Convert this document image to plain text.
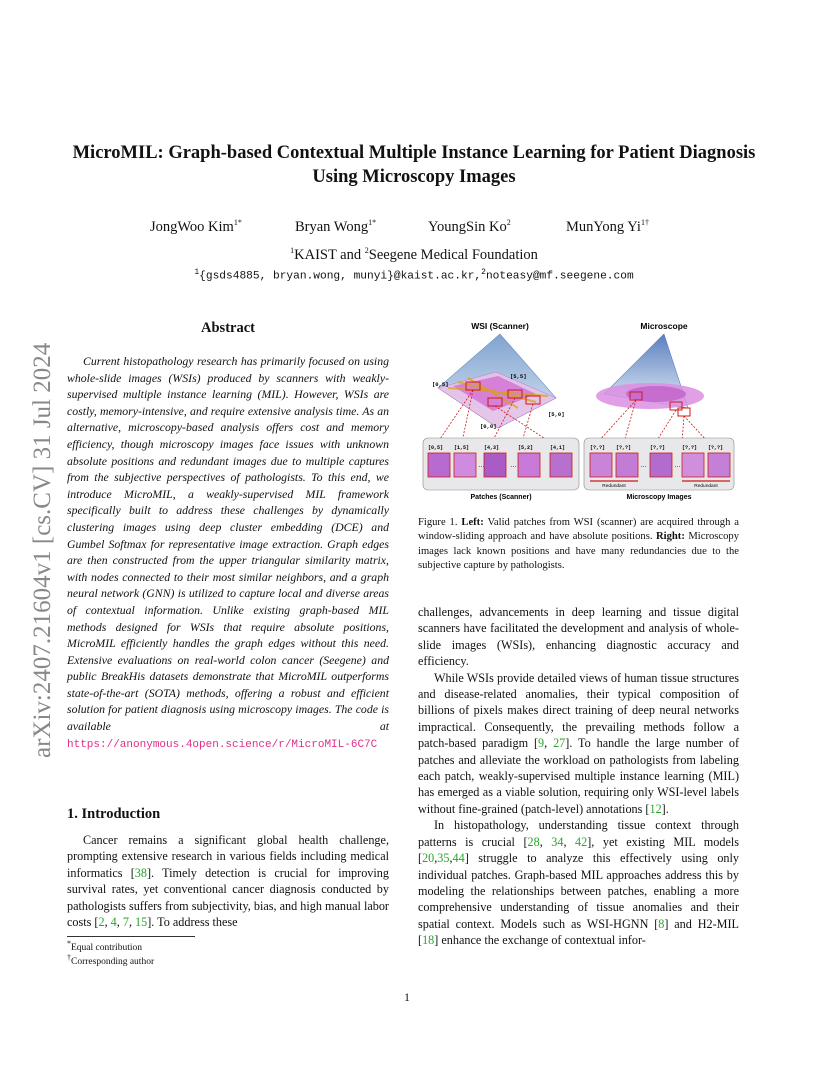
arXiv:2407.21604v1 [cs.CV] 31 Jul 2024
MicroMIL: Graph-based Contextual Multiple Instance Learning for Patient Diagnosis Using Microscopy Images
JongWoo Kim$^{1*}$	Bryan Wong$^{1*}$	YoungSin Ko$^2$	MunYong $Yi^{1\dagger}$
$^1$KAIST and $^2$Seegene Medical Foundation
$^1${gsds4885, bryan.wong, munyi}@kaist.ac.kr,$^2$noteasy@mf.seegene.com
Abstract

Current histopathology research has primarily focused on using whole-slide images (WSIs) produced by scanners with weakly-supervised multiple instance learning (MIL). However, WSIs are costly, memory-intensive, and require extensive analysis time. As an alternative, microscopy-based analysis offers cost and memory efficiency, though microscopy images face issues with unknown absolute positions and redundant images due to multiple captures from the subjective perspectives of pathologists. To this end, we introduce MicroMIL, a weakly-supervised MIL framework specifically built to address these challenges by dynamically clustering images using deep cluster embedding (DCE) and Gumbel Softmax for representative image extraction. Graph edges are then constructed from the upper triangular similarity matrix, with nodes connected to their most similar neighbors, and a graph neural network (GNN) is utilized to capture local and diverse areas of contextual information. Unlike existing graph-based MIL methods designed for WSIs that require absolute positions, MicroMIL efficiently handles the graph edges without this need. Extensive evaluations on real-world colon cancer (Seegene) and public BreakHis datasets demonstrate that MicroMIL outperforms state-of-the-art (SOTA) methods, offering a robust and efficient solution for patient diagnosis using microscopy images. The code is available at https://anonymous.4open.science/r/MicroMIL-6C7C

1. Introduction

Cancer remains a significant global health challenge, prompting extensive research in various fields including medical informatics [38]. Timely detection is crucial for improving survival rates, yet conventional cancer diagnosis conducted by pathologists suffers from subjectivity, bias, and high manual labor costs [2, 4, 7, 15]. To address these

*Equal contribution
†Corresponding author
WSI (Scanner)	Microscope
[0,5]
[5,5]
[5,0]
[0,0]
[0,5] [1,5]	[4,3]	[5,2]	[4,1]
…	…
Patches (Scanner)
[?,?] [?,?]	[?,?]	[?,?] [?,?]
…	…
Redundant	Redundant
Microscopy Images

Figure 1. Left: Valid patches from WSI (scanner) are acquired through a window-sliding approach and have absolute positions. Right: Microscopy images lack known positions and have many redundancies due to the subjective capture by pathologists.

challenges, advancements in deep learning and tissue digital scanners have facilitated the development and analysis of whole-slide images (WSIs), enhancing diagnostic accuracy and efficiency.

While WSIs provide detailed views of human tissue structures and disease-related anomalies, their typical composition of billions of pixels makes direct training of deep neural networks impractical. Consequently, the prevailing methods follow a patch-based paradigm [9, 27]. To handle the large number of patches and alleviate the workload on pathologists from labeling each patch, weakly-supervised multiple instance learning (MIL) has emerged as a viable solution, requiring only WSI-level labels without fine-grained (patch-level) annotations [12].

In histopathology, understanding tissue context through patterns is crucial [28, 34, 42], yet existing MIL models [20,35,44] struggle to analyze this effectively using only individual patches. Graph-based MIL approaches address this by modeling the relationships between patches, enabling a more comprehensive understanding of tissue anomalies and their spatial context. Models such as WSI-HGNN [8] and H2-MIL [18] enhance the exchange of contextual infor-

1
